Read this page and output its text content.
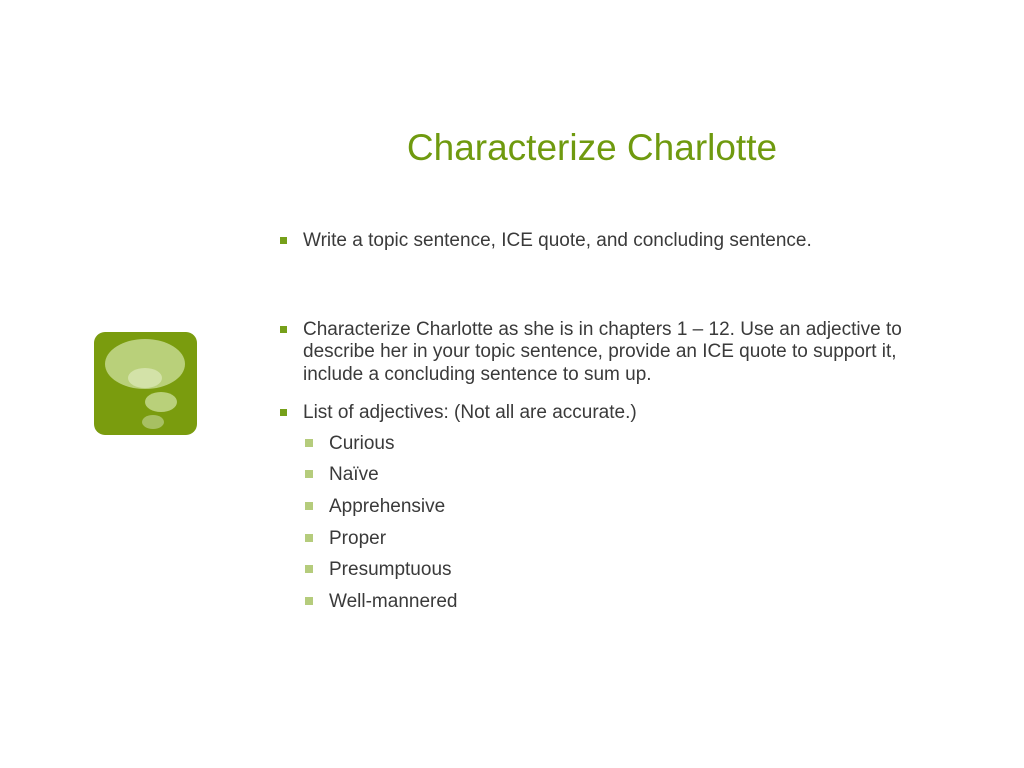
Characterize Charlotte
Write a topic sentence, ICE quote, and concluding sentence.
Characterize Charlotte as she is in chapters 1 – 12. Use an adjective to describe her in your topic sentence, provide an ICE quote to support it, include a concluding sentence to sum up.
List of adjectives: (Not all are accurate.)
Curious
Naïve
Apprehensive
Proper
Presumptuous
Well-mannered
